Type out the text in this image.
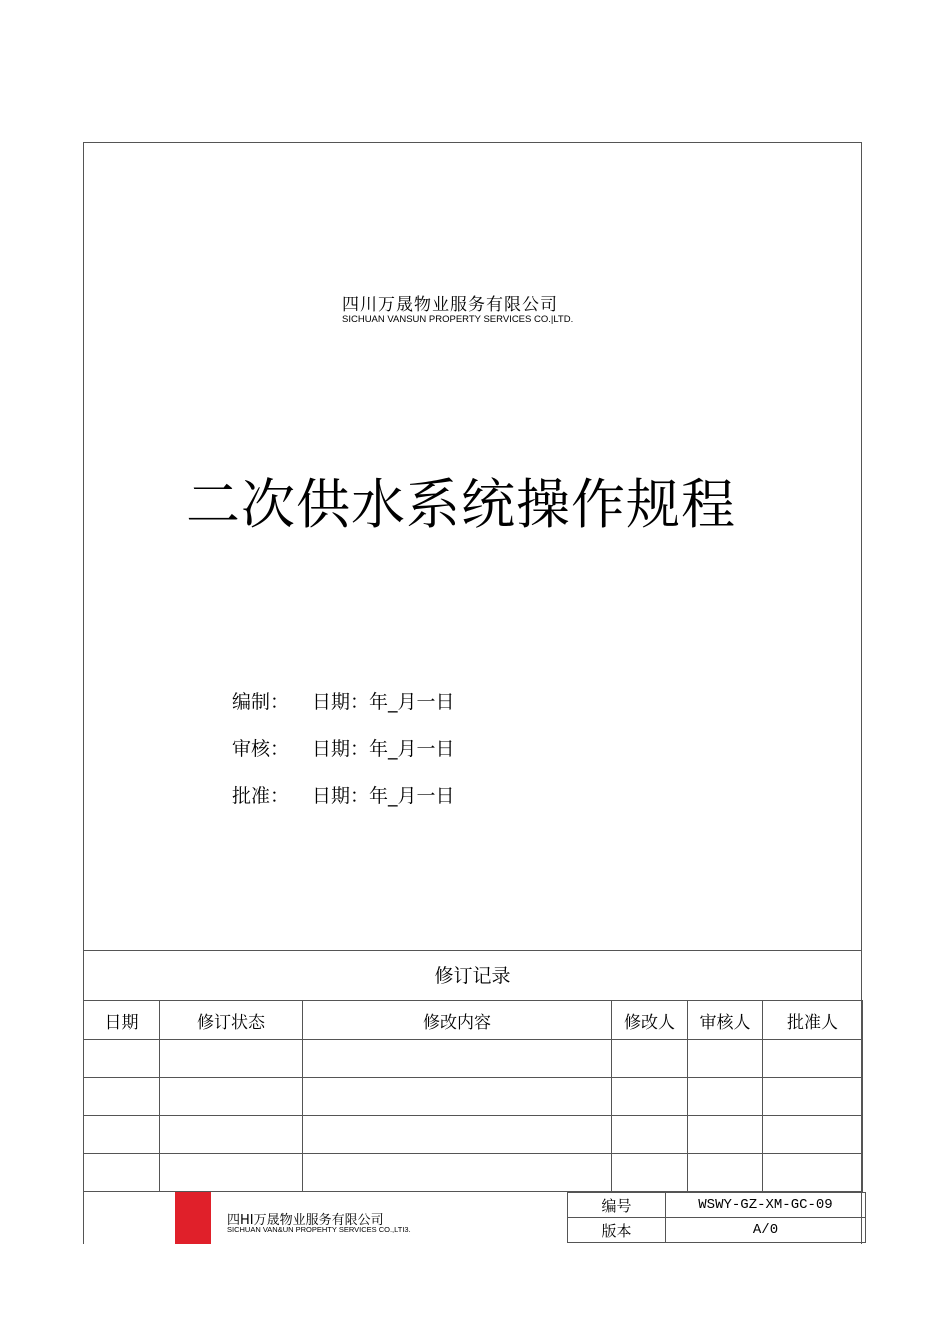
四川万晟物业服务有限公司
SICHUAN VANSUN PROPERTY SERVICES CO.|LTD.
二次供水系统操作规程
编制： 日期：年_月一日
审核： 日期：年_月一日
批准： 日期：年_月一日
修订记录
日期	修订状态	修改内容	修改人	审核人	批准人

四HI万晟物业服务有限公司
SICHUAN VAN&UN PROPEHTY SERVICES CO.,LTI3.
编号	WSWY-GZ-XM-GC-09
版本	A/0
